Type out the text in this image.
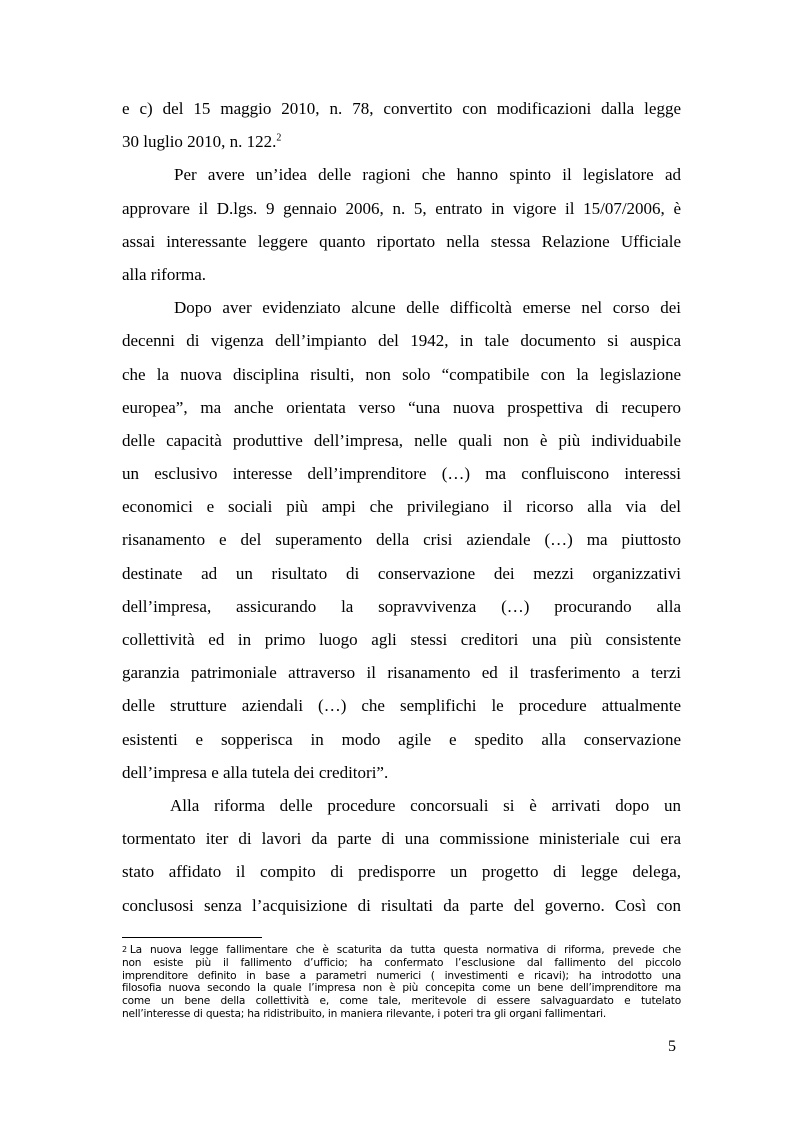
e c) del 15 maggio 2010, n. 78, convertito con modificazioni dalla legge
30 luglio 2010, n. 122.$^2$
Per avere un’idea delle ragioni che hanno spinto il legislatore ad
approvare il D.lgs. 9 gennaio 2006, n. 5, entrato in vigore il 15/07/2006, è
assai interessante leggere quanto riportato nella stessa Relazione Ufficiale
alla riforma.
Dopo aver evidenziato alcune delle difficoltà emerse nel corso dei
decenni di vigenza dell’impianto del 1942, in tale documento si auspica
che la nuova disciplina risulti, non solo “compatibile con la legislazione
europea”, ma anche orientata verso “una nuova prospettiva di recupero
delle capacità produttive dell’impresa, nelle quali non è più individuabile
un esclusivo interesse dell’imprenditore (…) ma confluiscono interessi
economici e sociali più ampi che privilegiano il ricorso alla via del
risanamento e del superamento della crisi aziendale (…) ma piuttosto
destinate ad un risultato di conservazione dei mezzi organizzativi
dell’impresa, assicurando la sopravvivenza (…) procurando alla
collettività ed in primo luogo agli stessi creditori una più consistente
garanzia patrimoniale attraverso il risanamento ed il trasferimento a terzi
delle strutture aziendali (…) che semplifichi le procedure attualmente
esistenti e sopperisca in modo agile e spedito alla conservazione
dell’impresa e alla tutela dei creditori”.
Alla riforma delle procedure concorsuali si è arrivati dopo un
tormentato iter di lavori da parte di una commissione ministeriale cui era
stato affidato il compito di predisporre un progetto di legge delega,
conclusosi senza l’acquisizione di risultati da parte del governo. Così con
2 La nuova legge fallimentare che è scaturita da tutta questa normativa di riforma, prevede che
non esiste più il fallimento d’ufficio; ha confermato l’esclusione dal fallimento del piccolo
imprenditore definito in base a parametri numerici ( investimenti e ricavi); ha introdotto una
filosofia nuova secondo la quale l’impresa non è più concepita come un bene dell’imprenditore ma
come un bene della collettività e, come tale, meritevole di essere salvaguardato e tutelato
nell’interesse di questa; ha ridistribuito, in maniera rilevante, i poteri tra gli organi fallimentari.
5
